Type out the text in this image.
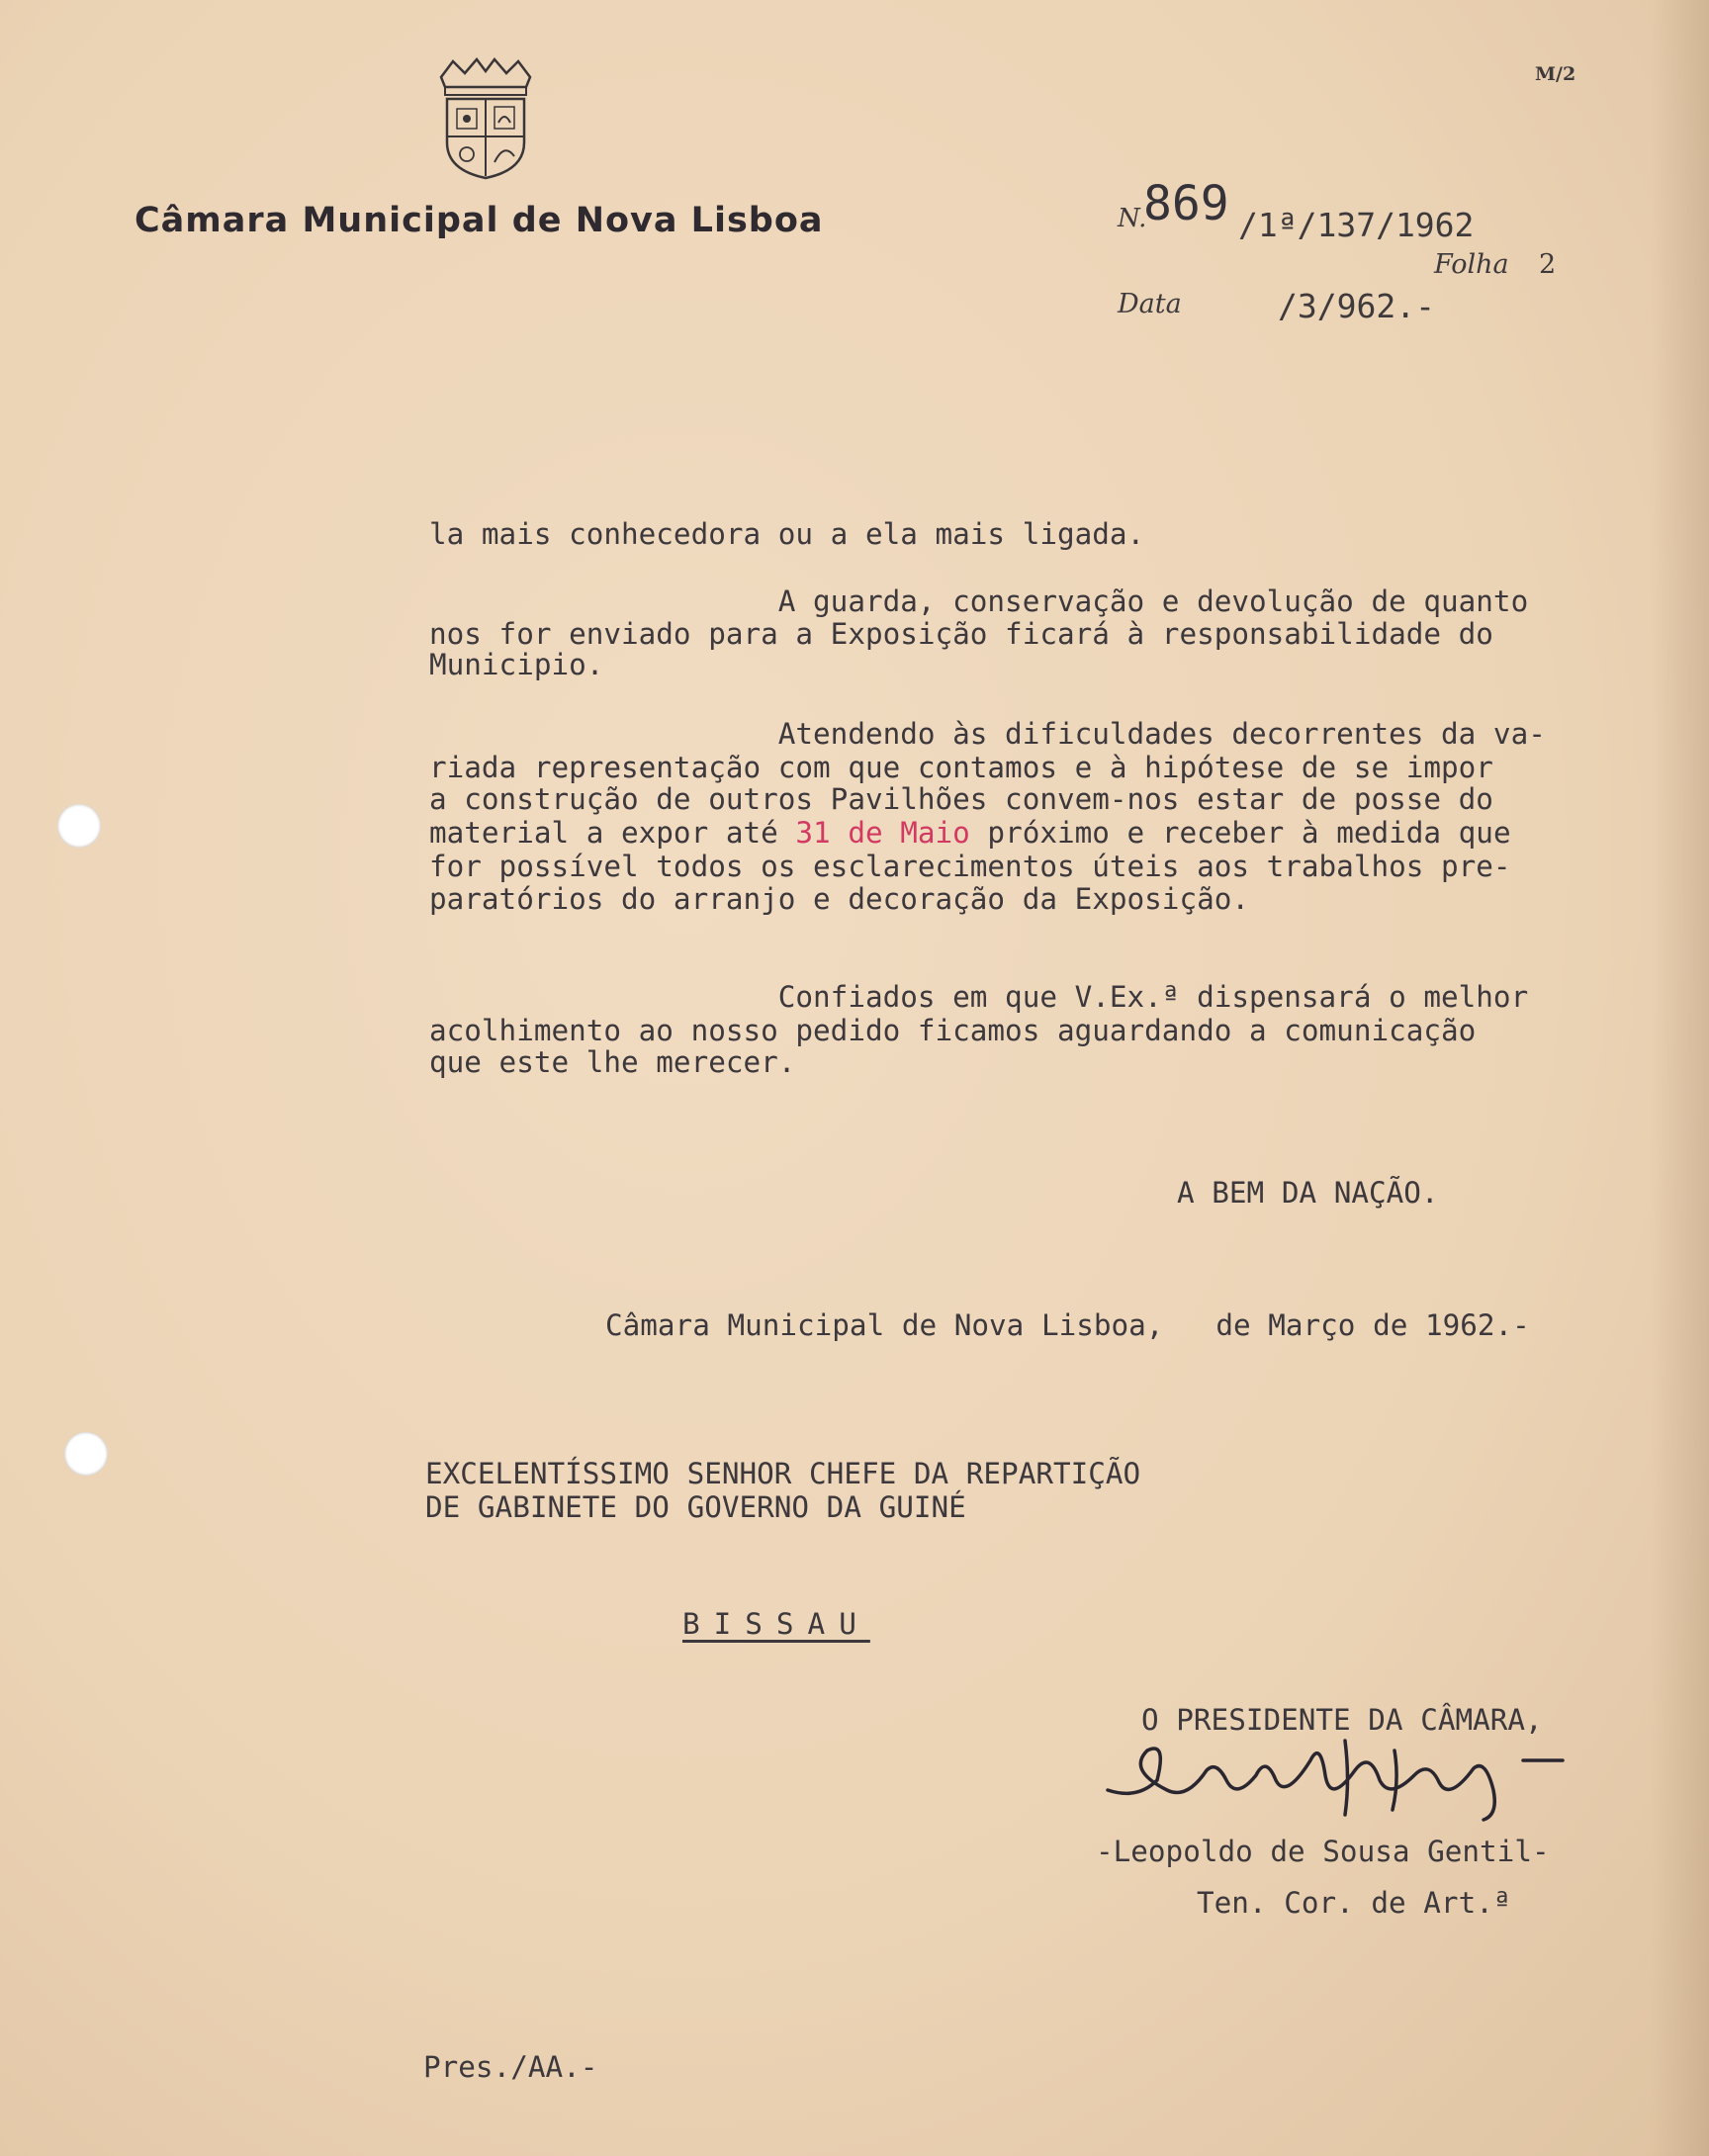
Câmara Municipal de Nova Lisboa
M/2
N.
869 /1ª/137/1962
Folha 2
Data	/3/962.-
la mais conhecedora ou a ela mais ligada.
A guarda, conservação e devolução de quanto
nos for enviado para a Exposição ficará à responsabilidade do
Municipio.
Atendendo às dificuldades decorrentes da va-
riada representação com que contamos e à hipótese de se impor
a construção de outros Pavilhões convem-nos estar de posse do
material a expor até 31 de Maio próximo e receber à medida que
for possível todos os esclarecimentos úteis aos trabalhos pre-
paratórios do arranjo e decoração da Exposição.
Confiados em que V.Ex.ª dispensará o melhor
acolhimento ao nosso pedido ficamos aguardando a comunicação
que este lhe merecer.
A BEM DA NAÇÃO.
Câmara Municipal de Nova Lisboa,   de Março de 1962.-
EXCELENTÍSSIMO SENHOR CHEFE DA REPARTIÇÃO
DE GABINETE DO GOVERNO DA GUINÉ
BISSAU
O PRESIDENTE DA CÂMARA,
-Leopoldo de Sousa Gentil-
Ten. Cor. de Art.ª
Pres./AA.-
